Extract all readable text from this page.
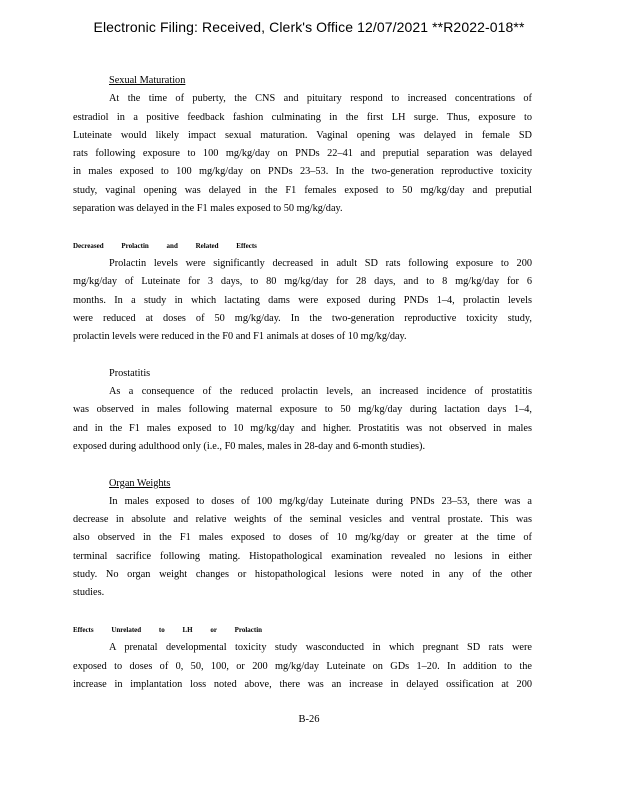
Electronic Filing: Received, Clerk's Office 12/07/2021 **R2022-018**
Sexual Maturation
At the time of puberty, the CNS and pituitary respond to increased concentrations of
estradiol in a positive feedback fashion culminating in the first LH surge. Thus, exposure to
Luteinate would likely impact sexual maturation. Vaginal opening was delayed in female SD
rats following exposure to 100 mg/kg/day on PNDs 22–41 and preputial separation was delayed
in males exposed to 100 mg/kg/day on PNDs 23–53. In the two-generation reproductive toxicity
study, vaginal opening was delayed in the F1 females exposed to 50 mg/kg/day and preputial
separation was delayed in the F1 males exposed to 50 mg/kg/day.
Decreased Prolactin and Related Effects
Prolactin levels were significantly decreased in adult SD rats following exposure to 200
mg/kg/day of Luteinate for 3 days, to 80 mg/kg/day for 28 days, and to 8 mg/kg/day for 6
months. In a study in which lactating dams were exposed during PNDs 1–4, prolactin levels
were reduced at doses of 50 mg/kg/day. In the two-generation reproductive toxicity study,
prolactin levels were reduced in the F0 and F1 animals at doses of 10 mg/kg/day.
Prostatitis
As a consequence of the reduced prolactin levels, an increased incidence of prostatitis
was observed in males following maternal exposure to 50 mg/kg/day during lactation days 1–4,
and in the F1 males exposed to 10 mg/kg/day and higher. Prostatitis was not observed in males
exposed during adulthood only (i.e., F0 males, males in 28-day and 6-month studies).
Organ Weights
In males exposed to doses of 100 mg/kg/day Luteinate during PNDs 23–53, there was a
decrease in absolute and relative weights of the seminal vesicles and ventral prostate. This was
also observed in the F1 males exposed to doses of 10 mg/kg/day or greater at the time of
terminal sacrifice following mating. Histopathological examination revealed no lesions in either
study. No organ weight changes or histopathological lesions were noted in any of the other
studies.
Effects Unrelated to LH or Prolactin
A prenatal developmental toxicity study wasconducted in which pregnant SD rats were
exposed to doses of 0, 50, 100, or 200 mg/kg/day Luteinate on GDs 1–20. In addition to the
increase in implantation loss noted above, there was an increase in delayed ossification at 200
B-26
